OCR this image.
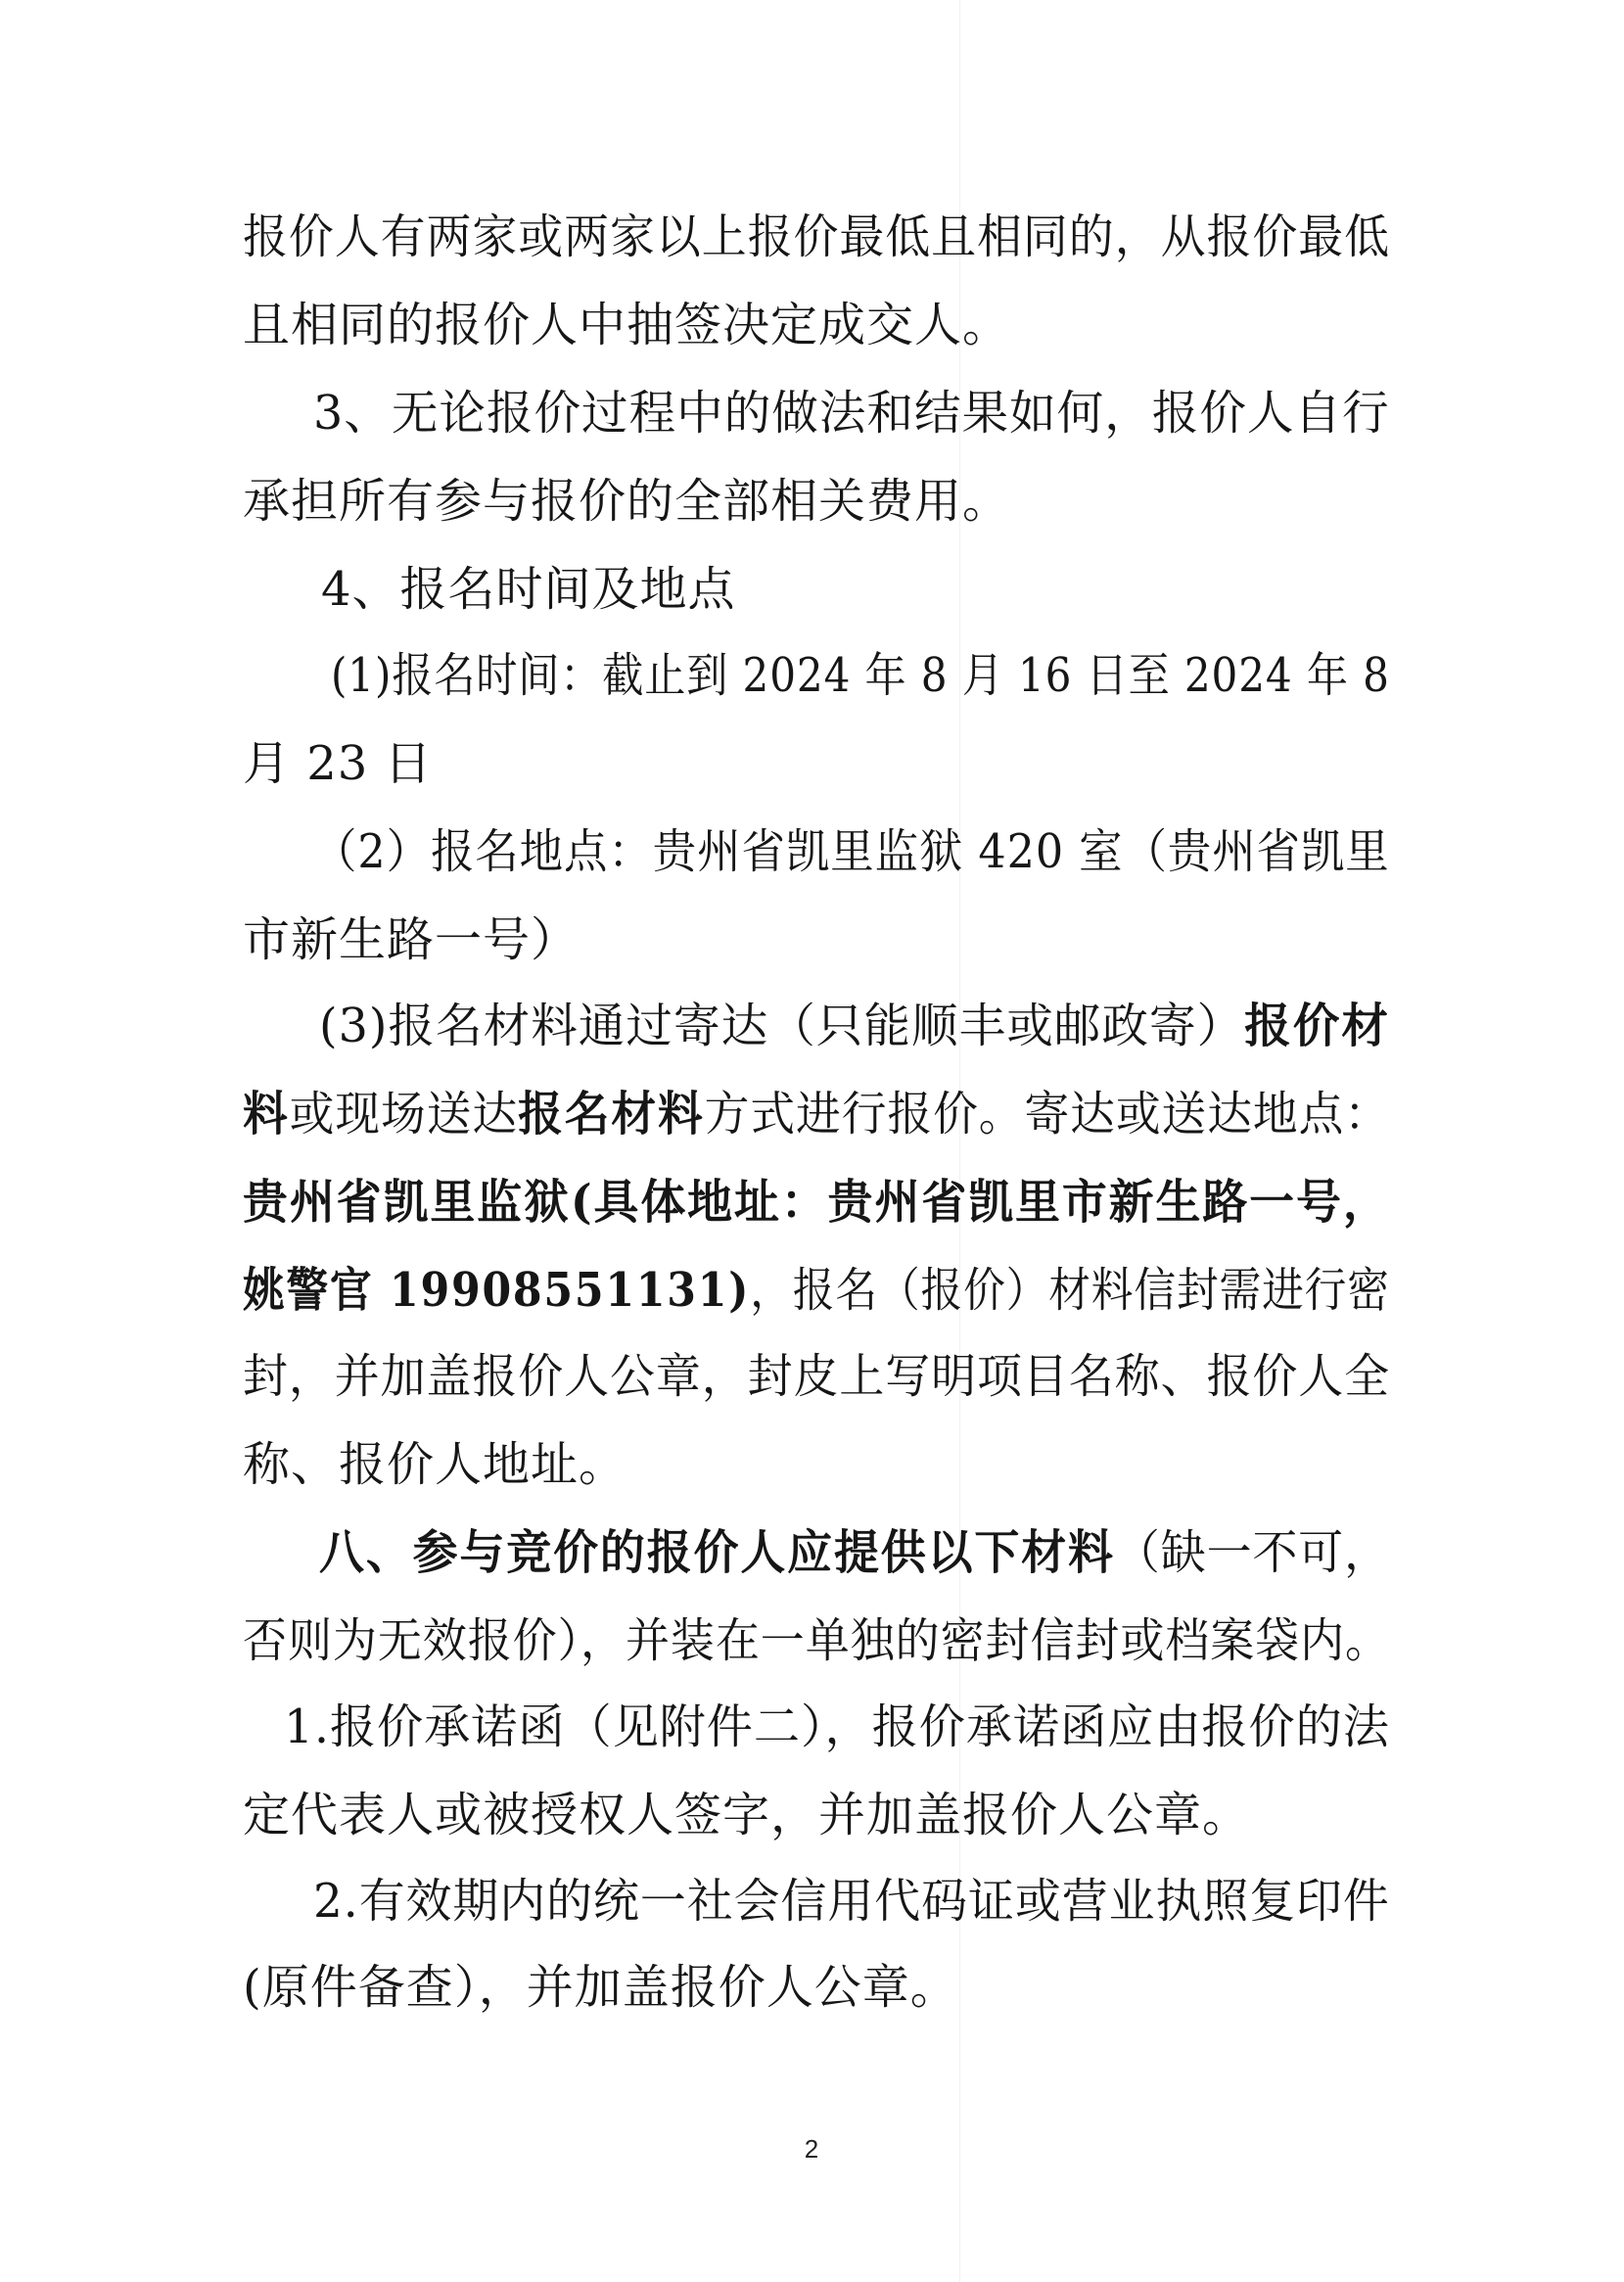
报价人有两家或两家以上报价最低且相同的，从报价最低
且相同的报价人中抽签决定成交人。
3、无论报价过程中的做法和结果如何，报价人自行
承担所有参与报价的全部相关费用。
4、报名时间及地点
(1)报名时间：截止到 2024 年 8 月 16 日至 2024 年 8
月 23 日
（2）报名地点：贵州省凯里监狱 420 室（贵州省凯里
市新生路一号）
(3)报名材料通过寄达（只能顺丰或邮政寄）报价材
料或现场送达报名材料方式进行报价。寄达或送达地点：
贵州省凯里监狱(具体地址：贵州省凯里市新生路一号，
姚警官 19908551131)，报名（报价）材料信封需进行密
封，并加盖报价人公章，封皮上写明项目名称、报价人全
称、报价人地址。
八、参与竞价的报价人应提供以下材料（缺一不可，
否则为无效报价），并装在一单独的密封信封或档案袋内。
1.报价承诺函（见附件二），报价承诺函应由报价的法
定代表人或被授权人签字，并加盖报价人公章。
2.有效期内的统一社会信用代码证或营业执照复印件
(原件备查），并加盖报价人公章。
2
